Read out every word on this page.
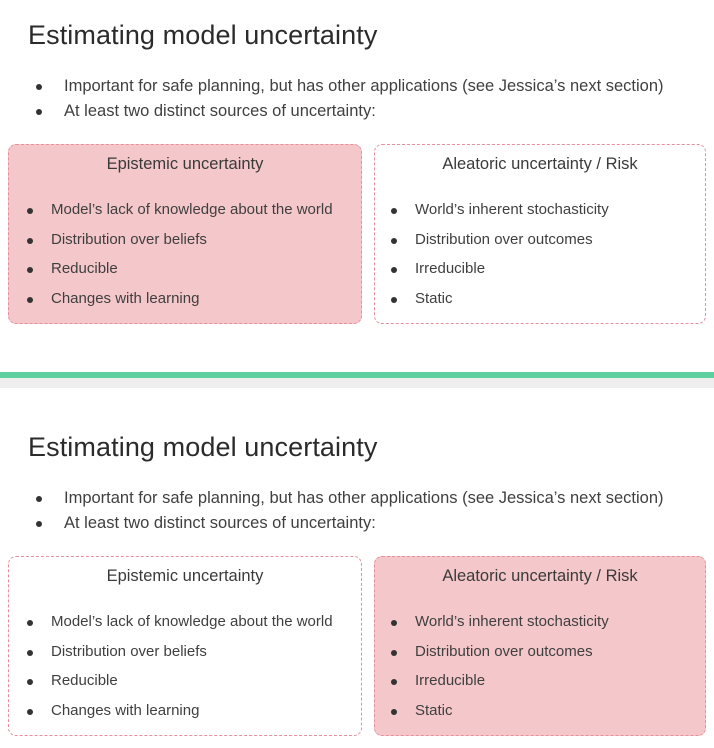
Estimating model uncertainty
Important for safe planning, but has other applications (see Jessica’s next section)
At least two distinct sources of uncertainty:
Epistemic uncertainty
Model’s lack of knowledge about the world
Distribution over beliefs
Reducible
Changes with learning
Aleatoric uncertainty / Risk
World’s inherent stochasticity
Distribution over outcomes
Irreducible
Static
Estimating model uncertainty
Important for safe planning, but has other applications (see Jessica’s next section)
At least two distinct sources of uncertainty:
Epistemic uncertainty
Model’s lack of knowledge about the world
Distribution over beliefs
Reducible
Changes with learning
Aleatoric uncertainty / Risk
World’s inherent stochasticity
Distribution over outcomes
Irreducible
Static
